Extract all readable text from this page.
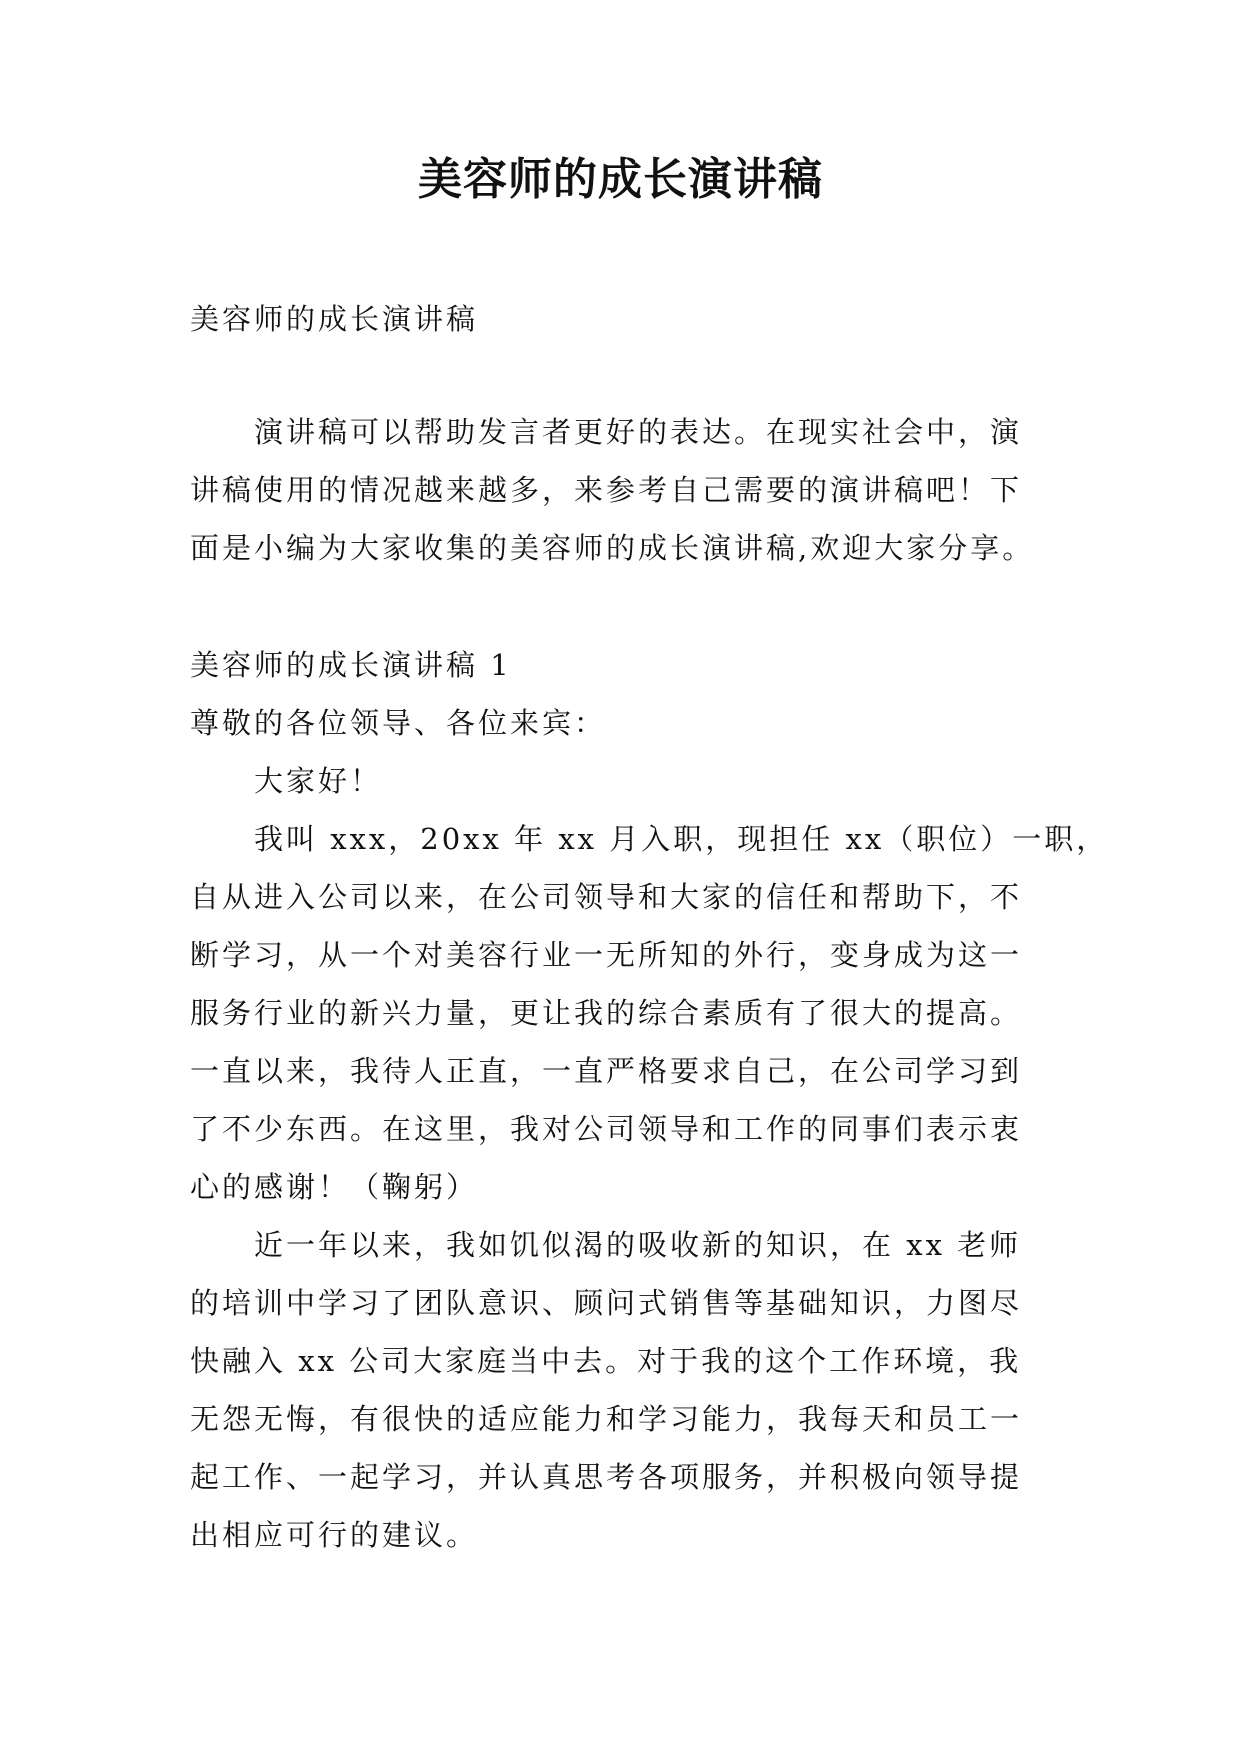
美容师的成长演讲稿
美容师的成长演讲稿
演讲稿可以帮助发言者更好的表达。在现实社会中，演
讲稿使用的情况越来越多，来参考自己需要的演讲稿吧！下
面是小编为大家收集的美容师的成长演讲稿,欢迎大家分享。
美容师的成长演讲稿 1
尊敬的各位领导、各位来宾：
大家好！
我叫 xxx，20xx 年 xx 月入职，现担任 xx（职位）一职，
自从进入公司以来，在公司领导和大家的信任和帮助下，不
断学习，从一个对美容行业一无所知的外行，变身成为这一
服务行业的新兴力量，更让我的综合素质有了很大的提高。
一直以来，我待人正直，一直严格要求自己，在公司学习到
了不少东西。在这里，我对公司领导和工作的同事们表示衷
心的感谢！（鞠躬）
近一年以来，我如饥似渴的吸收新的知识，在 xx 老师
的培训中学习了团队意识、顾问式销售等基础知识，力图尽
快融入 xx 公司大家庭当中去。对于我的这个工作环境，我
无怨无悔，有很快的适应能力和学习能力，我每天和员工一
起工作、一起学习，并认真思考各项服务，并积极向领导提
出相应可行的建议。
